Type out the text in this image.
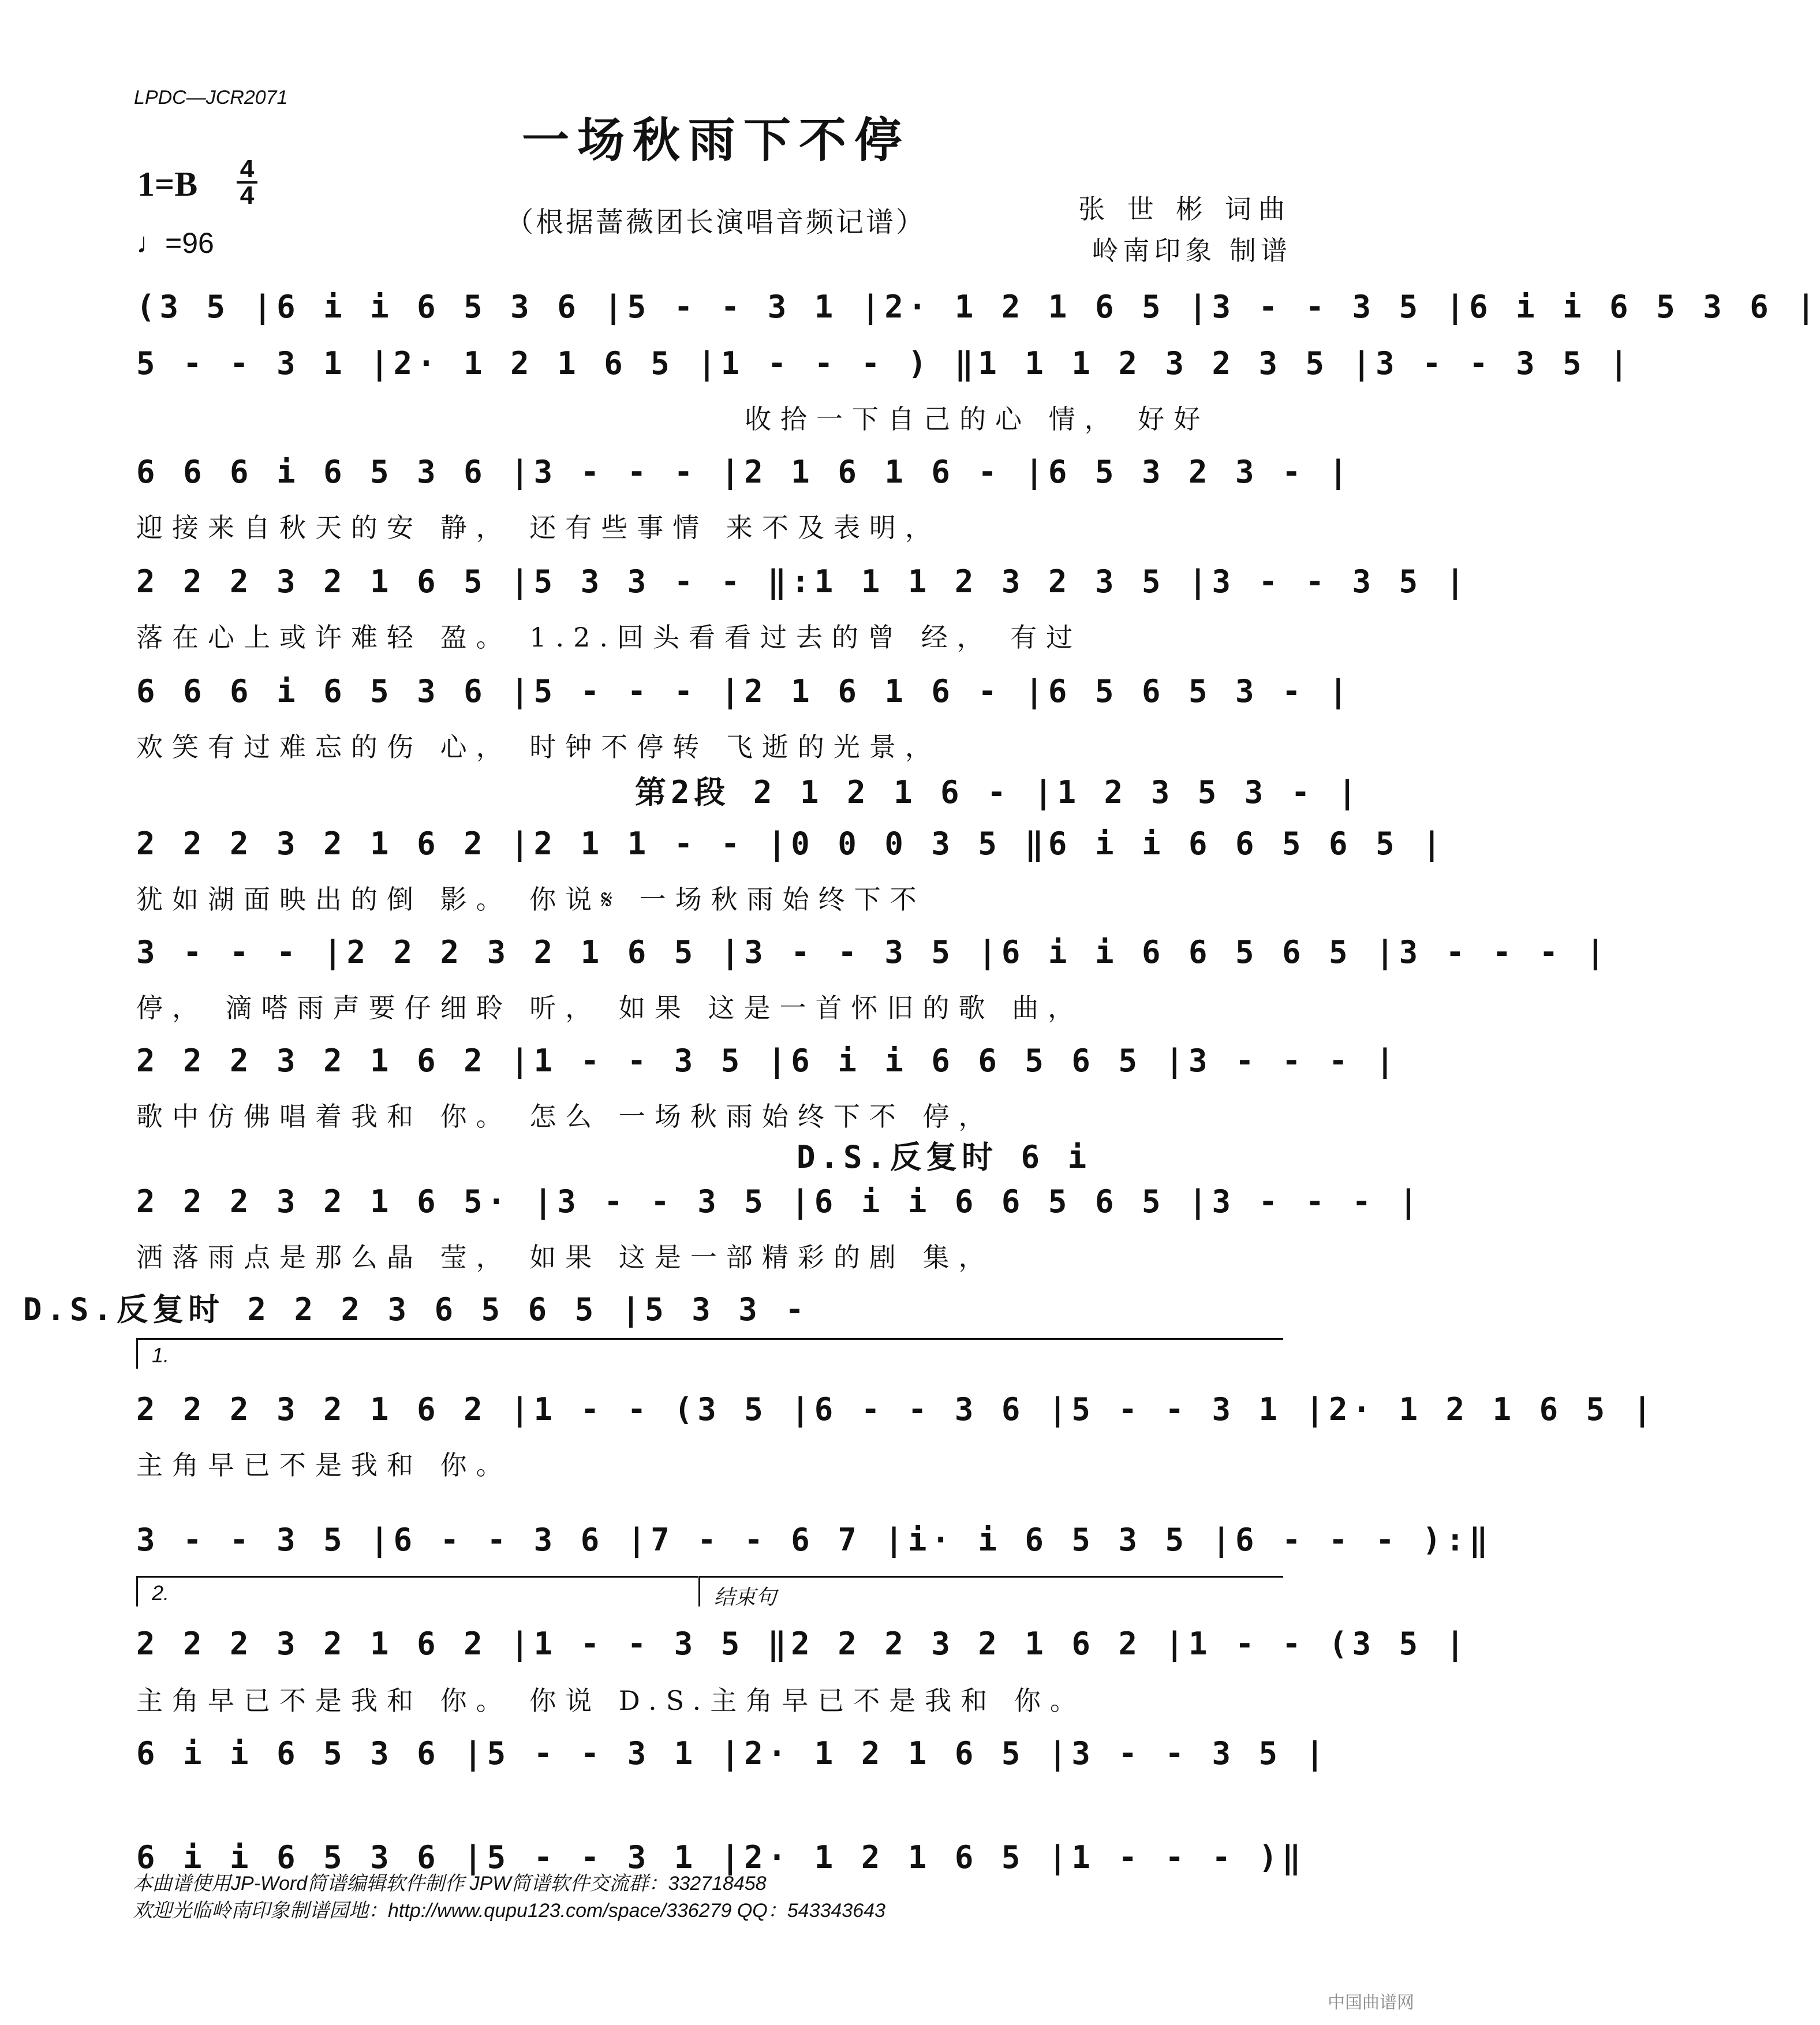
LPDC—JCR2071
一场秋雨下不停
1=B 4
4
♩=96
（根据蔷薇团长演唱音频记谱）	张 世 彬 词曲
岭南印象 制谱
(3 5 |6 i i 6 5 3 6 |5 - - 3 1 |2· 1 2 1 6 5 |3 - - 3 5 |6 i i 6 5 3 6 |
5 - - 3 1 |2· 1 2 1 6 5 |1 - - - ) ‖1 1 1 2 3 2 3 5 |3 - - 3 5 |
收拾一下自己的心 情， 好好
6 6 6 i 6 5 3 6 |3 - - - |2 1 6 1 6 - |6 5 3 2 3 - |
迎接来自秋天的安 静， 还有些事情 来不及表明，
2 2 2 3 2 1 6 5 |5 3 3 - - ‖:1 1 1 2 3 2 3 5 |3 - - 3 5 |
落在心上或许难轻 盈。 1.2.回头看看过去的曾 经， 有过
6 6 6 i 6 5 3 6 |5 - - - |2 1 6 1 6 - |6 5 6 5 3 - |
欢笑有过难忘的伤 心， 时钟不停转 飞逝的光景，
第2段 2 1 2 1 6 - |1 2 3 5 3 - |
2 2 2 3 2 1 6 2 |2 1 1 - - |0 0 0 3 5 ‖6 i i 6 6 5 6 5 |
犹如湖面映出的倒 影。 你说𝄋 一场秋雨始终下不
3 - - - |2 2 2 3 2 1 6 5 |3 - - 3 5 |6 i i 6 6 5 6 5 |3 - - - |
停， 滴嗒雨声要仔细聆 听， 如果 这是一首怀旧的歌 曲，
2 2 2 3 2 1 6 2 |1 - - 3 5 |6 i i 6 6 5 6 5 |3 - - - |
歌中仿佛唱着我和 你。 怎么 一场秋雨始终下不 停，
D.S.反复时 6 i
2 2 2 3 2 1 6 5· |3 - - 3 5 |6 i i 6 6 5 6 5 |3 - - - |
洒落雨点是那么晶 莹， 如果 这是一部精彩的剧 集，
D.S.反复时 2 2 2 3 6 5 6 5 |5 3 3 -
2 2 2 3 2 1 6 2 |1 - - (3 5 |6 - - 3 6 |5 - - 3 1 |2· 1 2 1 6 5 |
主角早已不是我和 你。
3 - - 3 5 |6 - - 3 6 |7 - - 6 7 |i· i 6 5 3 5 |6 - - - ):‖
2 2 2 3 2 1 6 2 |1 - - 3 5 ‖2 2 2 3 2 1 6 2 |1 - - (3 5 |
主角早已不是我和 你。 你说 D.S.主角早已不是我和 你。
6 i i 6 5 3 6 |5 - - 3 1 |2· 1 2 1 6 5 |3 - - 3 5 |
6 i i 6 5 3 6 |5 - - 3 1 |2· 1 2 1 6 5 |1 - - - )‖
1.
2.	结束句
本曲谱使用JP-Word简谱编辑软件制作 JPW简谱软件交流群：332718458
欢迎光临岭南印象制谱园地：http://www.qupu123.com/space/336279 QQ：543343643
中国曲谱网
